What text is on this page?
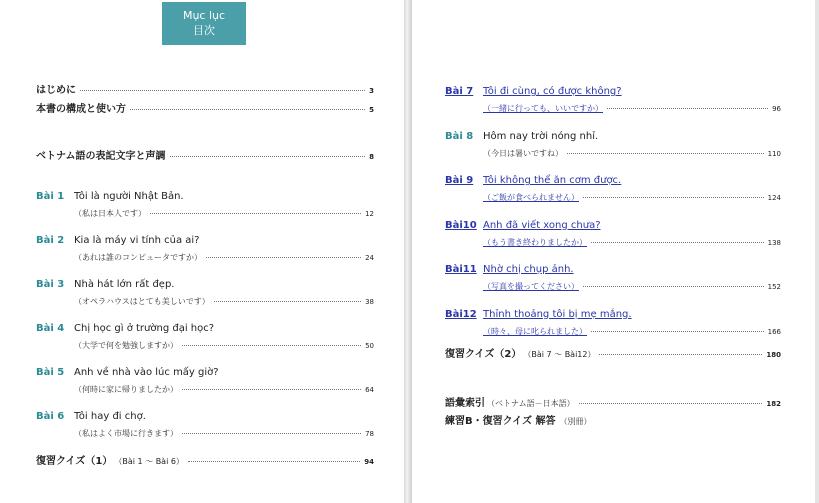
Mục lục
目次
はじめに	3
本書の構成と使い方	5
ベトナム語の表記文字と声調	8
Bài 1 Tôi là người Nhật Bản.
（私は日本人です）	12
Bài 2 Kia là máy vi tính của ai?
（あれは誰のコンピュータですか）	24
Bài 3 Nhà hát lớn rất đẹp.
（オペラハウスはとても美しいです）	38
Bài 4 Chị học gì ở trường đại học?
（大学で何を勉強しますか）	50
Bài 5 Anh về nhà vào lúc mấy giờ?
（何時に家に帰りましたか）	64
Bài 6 Tôi hay đi chợ.
（私はよく市場に行きます）	78
復習クイズ（1） （Bài 1 ～ Bài 6）	94
Bài 7 Tôi đi cùng, có được không?
（一緒に行っても、いいですか）	96
Bài 8 Hôm nay trời nóng nhỉ.
（今日は暑いですね）	110
Bài 9 Tôi không thể ăn cơm được.
（ご飯が食べられません）	124
Bài10 Anh đã viết xong chưa?
（もう書き終わりましたか）	138
Bài11 Nhờ chị chụp ảnh.
（写真を撮ってください）	152
Bài12 Thỉnh thoảng tôi bị mẹ mắng.
（時々、母に叱られました）	166
復習クイズ（2） （Bài 7 ～ Bài12）	180
語彙索引 （ベトナム語－日本語）	182
練習B・復習クイズ 解答 （別冊）
